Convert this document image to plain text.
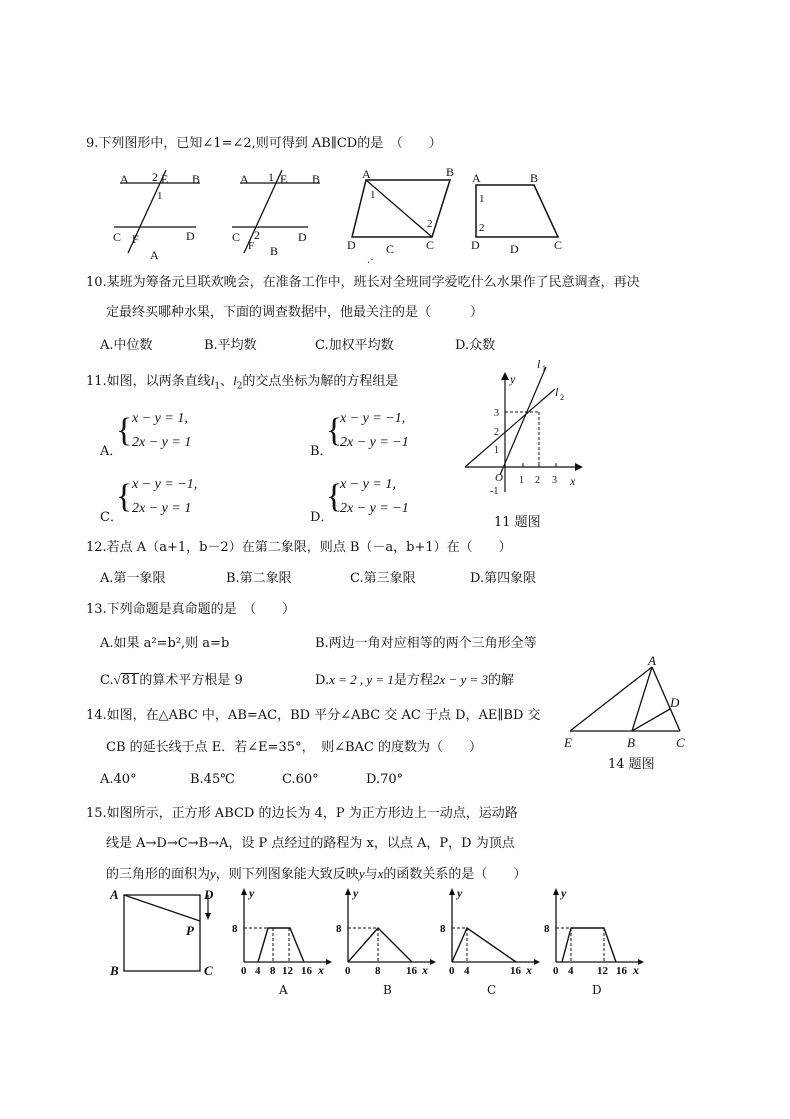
9.下列图形中，已知∠1=∠2,则可得到 AB∥CD的是　（　　）
A 2 E B
1
C F	D
A
A 1 E B
C 2
F
D
B
A	B
1
2
D	C	C
.·
A	B
1
2
D	D	C
10.某班为筹备元旦联欢晚会，在准备工作中，班长对全班同学爱吃什么水果作了民意调查，再决
定最终买哪种水果，下面的调查数据中，他最关注的是（　　　）
A.中位数	B.平均数	C.加权平均数	D.众数
11.如图，以两条直线$l_1$、$l_2$的交点坐标为解的方程组是
A．
{ x − y = 1,
2x − y = 1
B．
{
x − y = −1,
2x − y = −1
C．
{ x − y = −1,
2x − y = 1
D．
{
x − y = 1,
2x − y = −1
y
x
O 1 2 3
1
2
3
-1
l 1
l 2
11 题图
12.若点 A（a+1，b－2）在第二象限，则点 B（－a，b+1）在（　　）
A.第一象限	B.第二象限	C.第三象限	D.第四象限
13.下列命题是真命题的是　（　　）
A.如果 a²=b²,则 a=b	B.两边一角对应相等的两个三角形全等
C.√81的算术平方根是 9	D.x = 2 , y = 1是方程2x − y = 3的解
14.如图，在△ABC 中，AB=AC，BD 平分∠ABC 交 AC 于点 D，AE∥BD 交
CB 的延长线于点 E．若∠E=35°，　则∠BAC 的度数为（　　）
A.40°	B.45℃	C.60°	D.70°
A
D
E	B	C
14 题图
15.如图所示，正方形 ABCD 的边长为 4，P 为正方形边上一动点，运动路
线是 A→D→C→B→A，设 P 点经过的路程为 x，以点 A，P，D 为顶点
的三角形的面积为y，则下列图象能大致反映y与x的函数关系的是（　　）
A	D
P
B	C
y
8
0 4 8 12 16 x
A
y
8
0 8 16 x
B
y
8
0 4	16 x
C
y
8
0 4 12 16 x
D
